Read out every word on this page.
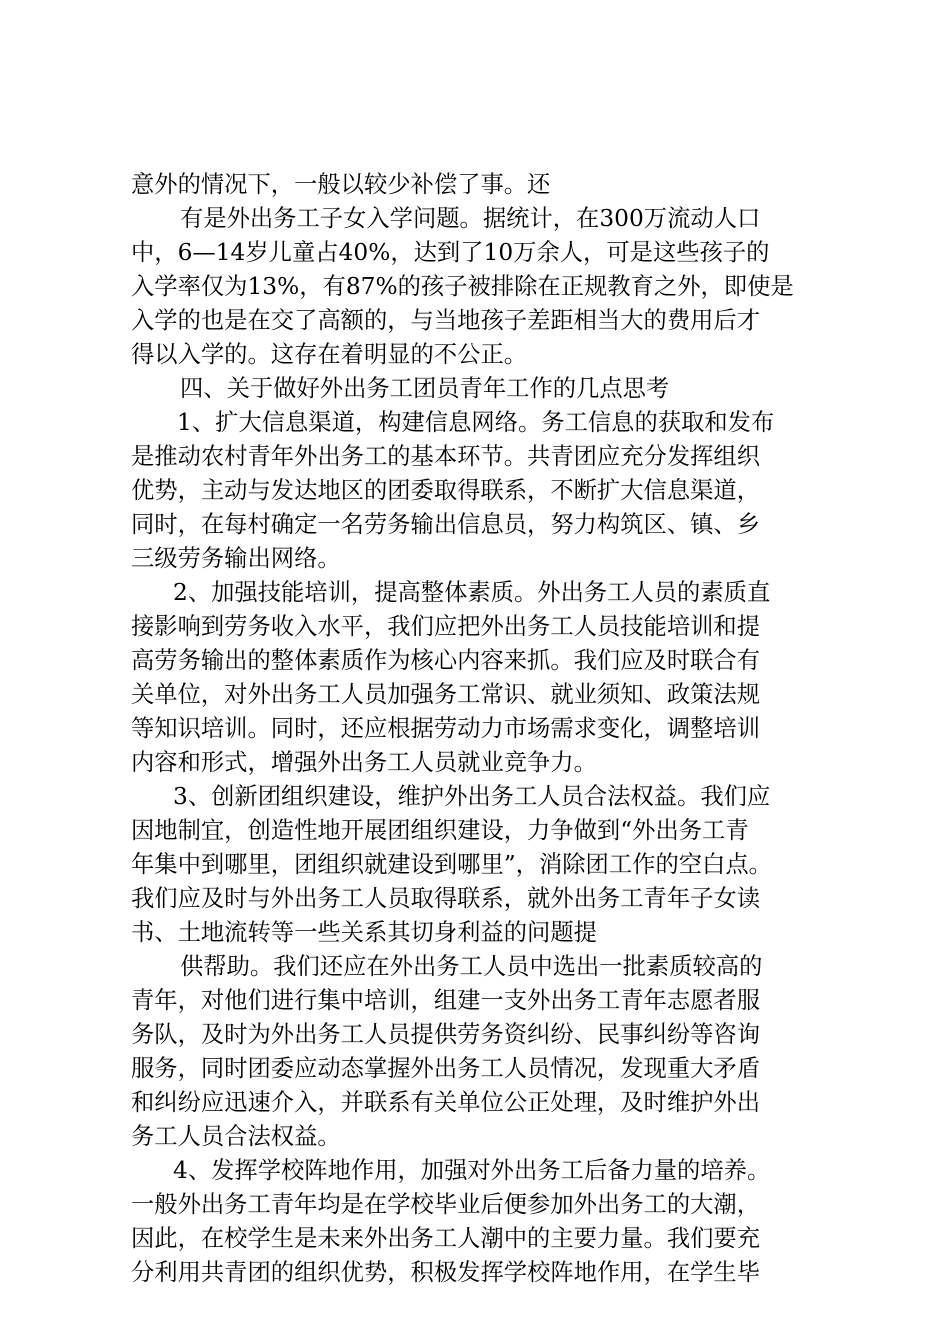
意外的情况下，一般以较少补偿了事。还
有是外出务工子女入学问题。据统计，在300万流动人口
中，6—14岁儿童占40%，达到了10万余人，可是这些孩子的
入学率仅为13%，有87%的孩子被排除在正规教育之外，即使是
入学的也是在交了高额的，与当地孩子差距相当大的费用后才
得以入学的。这存在着明显的不公正。
四、关于做好外出务工团员青年工作的几点思考
1、扩大信息渠道，构建信息网络。务工信息的获取和发布
是推动农村青年外出务工的基本环节。共青团应充分发挥组织
优势，主动与发达地区的团委取得联系，不断扩大信息渠道，
同时，在每村确定一名劳务输出信息员，努力构筑区、镇、乡
三级劳务输出网络。
2、加强技能培训，提高整体素质。外出务工人员的素质直
接影响到劳务收入水平，我们应把外出务工人员技能培训和提
高劳务输出的整体素质作为核心内容来抓。我们应及时联合有
关单位，对外出务工人员加强务工常识、就业须知、政策法规
等知识培训。同时，还应根据劳动力市场需求变化，调整培训
内容和形式，增强外出务工人员就业竞争力。
3、创新团组织建设，维护外出务工人员合法权益。我们应
因地制宜，创造性地开展团组织建设，力争做到“外出务工青
年集中到哪里，团组织就建设到哪里”，消除团工作的空白点。
我们应及时与外出务工人员取得联系，就外出务工青年子女读
书、土地流转等一些关系其切身利益的问题提
供帮助。我们还应在外出务工人员中选出一批素质较高的
青年，对他们进行集中培训，组建一支外出务工青年志愿者服
务队，及时为外出务工人员提供劳务资纠纷、民事纠纷等咨询
服务，同时团委应动态掌握外出务工人员情况，发现重大矛盾
和纠纷应迅速介入，并联系有关单位公正处理，及时维护外出
务工人员合法权益。
4、发挥学校阵地作用，加强对外出务工后备力量的培养。
一般外出务工青年均是在学校毕业后便参加外出务工的大潮，
因此，在校学生是未来外出务工人潮中的主要力量。我们要充
分利用共青团的组织优势，积极发挥学校阵地作用，在学生毕
